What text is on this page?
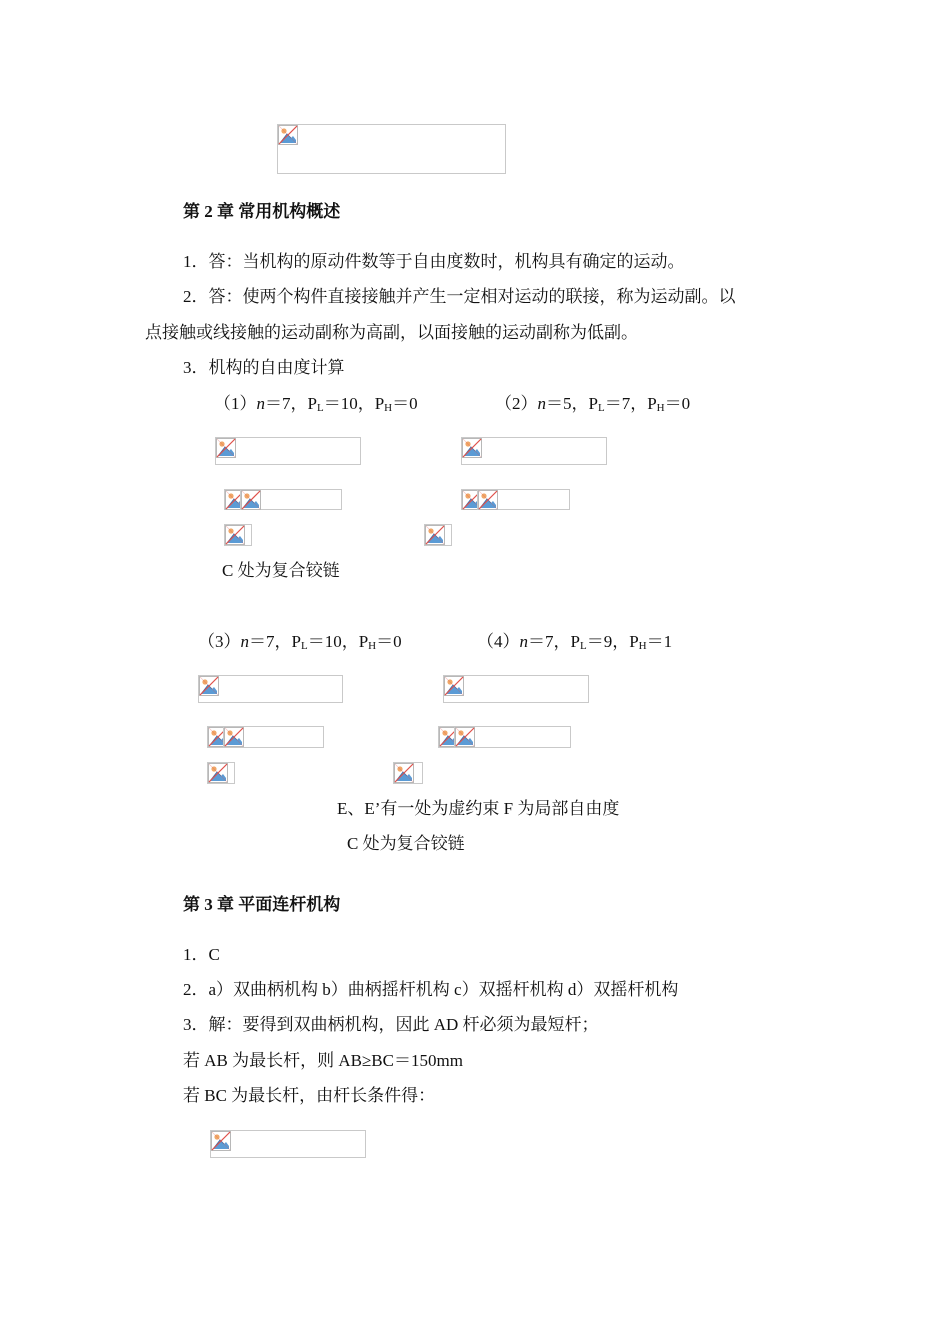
第 2 章 常用机构概述
1．答：当机构的原动件数等于自由度数时，机构具有确定的运动。
2．答：使两个构件直接接触并产生一定相对运动的联接，称为运动副。以
点接触或线接触的运动副称为高副，以面接触的运动副称为低副。
3．机构的自由度计算
（1）n＝7，$P_L=10$，$P_H=0$	（2）n＝5，$P_L=7$，$P_H=0$
C 处为复合铰链
（3）n＝7，$P_L=10$，$P_H=0$	（4）n＝7，$P_L=9$，$P_H=1$
E、E’有一处为虚约束 F 为局部自由度
C 处为复合铰链
第 3 章 平面连杆机构
1．C
2．a）双曲柄机构 b）曲柄摇杆机构 c）双摇杆机构 d）双摇杆机构
3．解：要得到双曲柄机构，因此 AD 杆必须为最短杆；
若 AB 为最长杆，则 AB≥BC＝150mm
若 BC 为最长杆，由杆长条件得：
